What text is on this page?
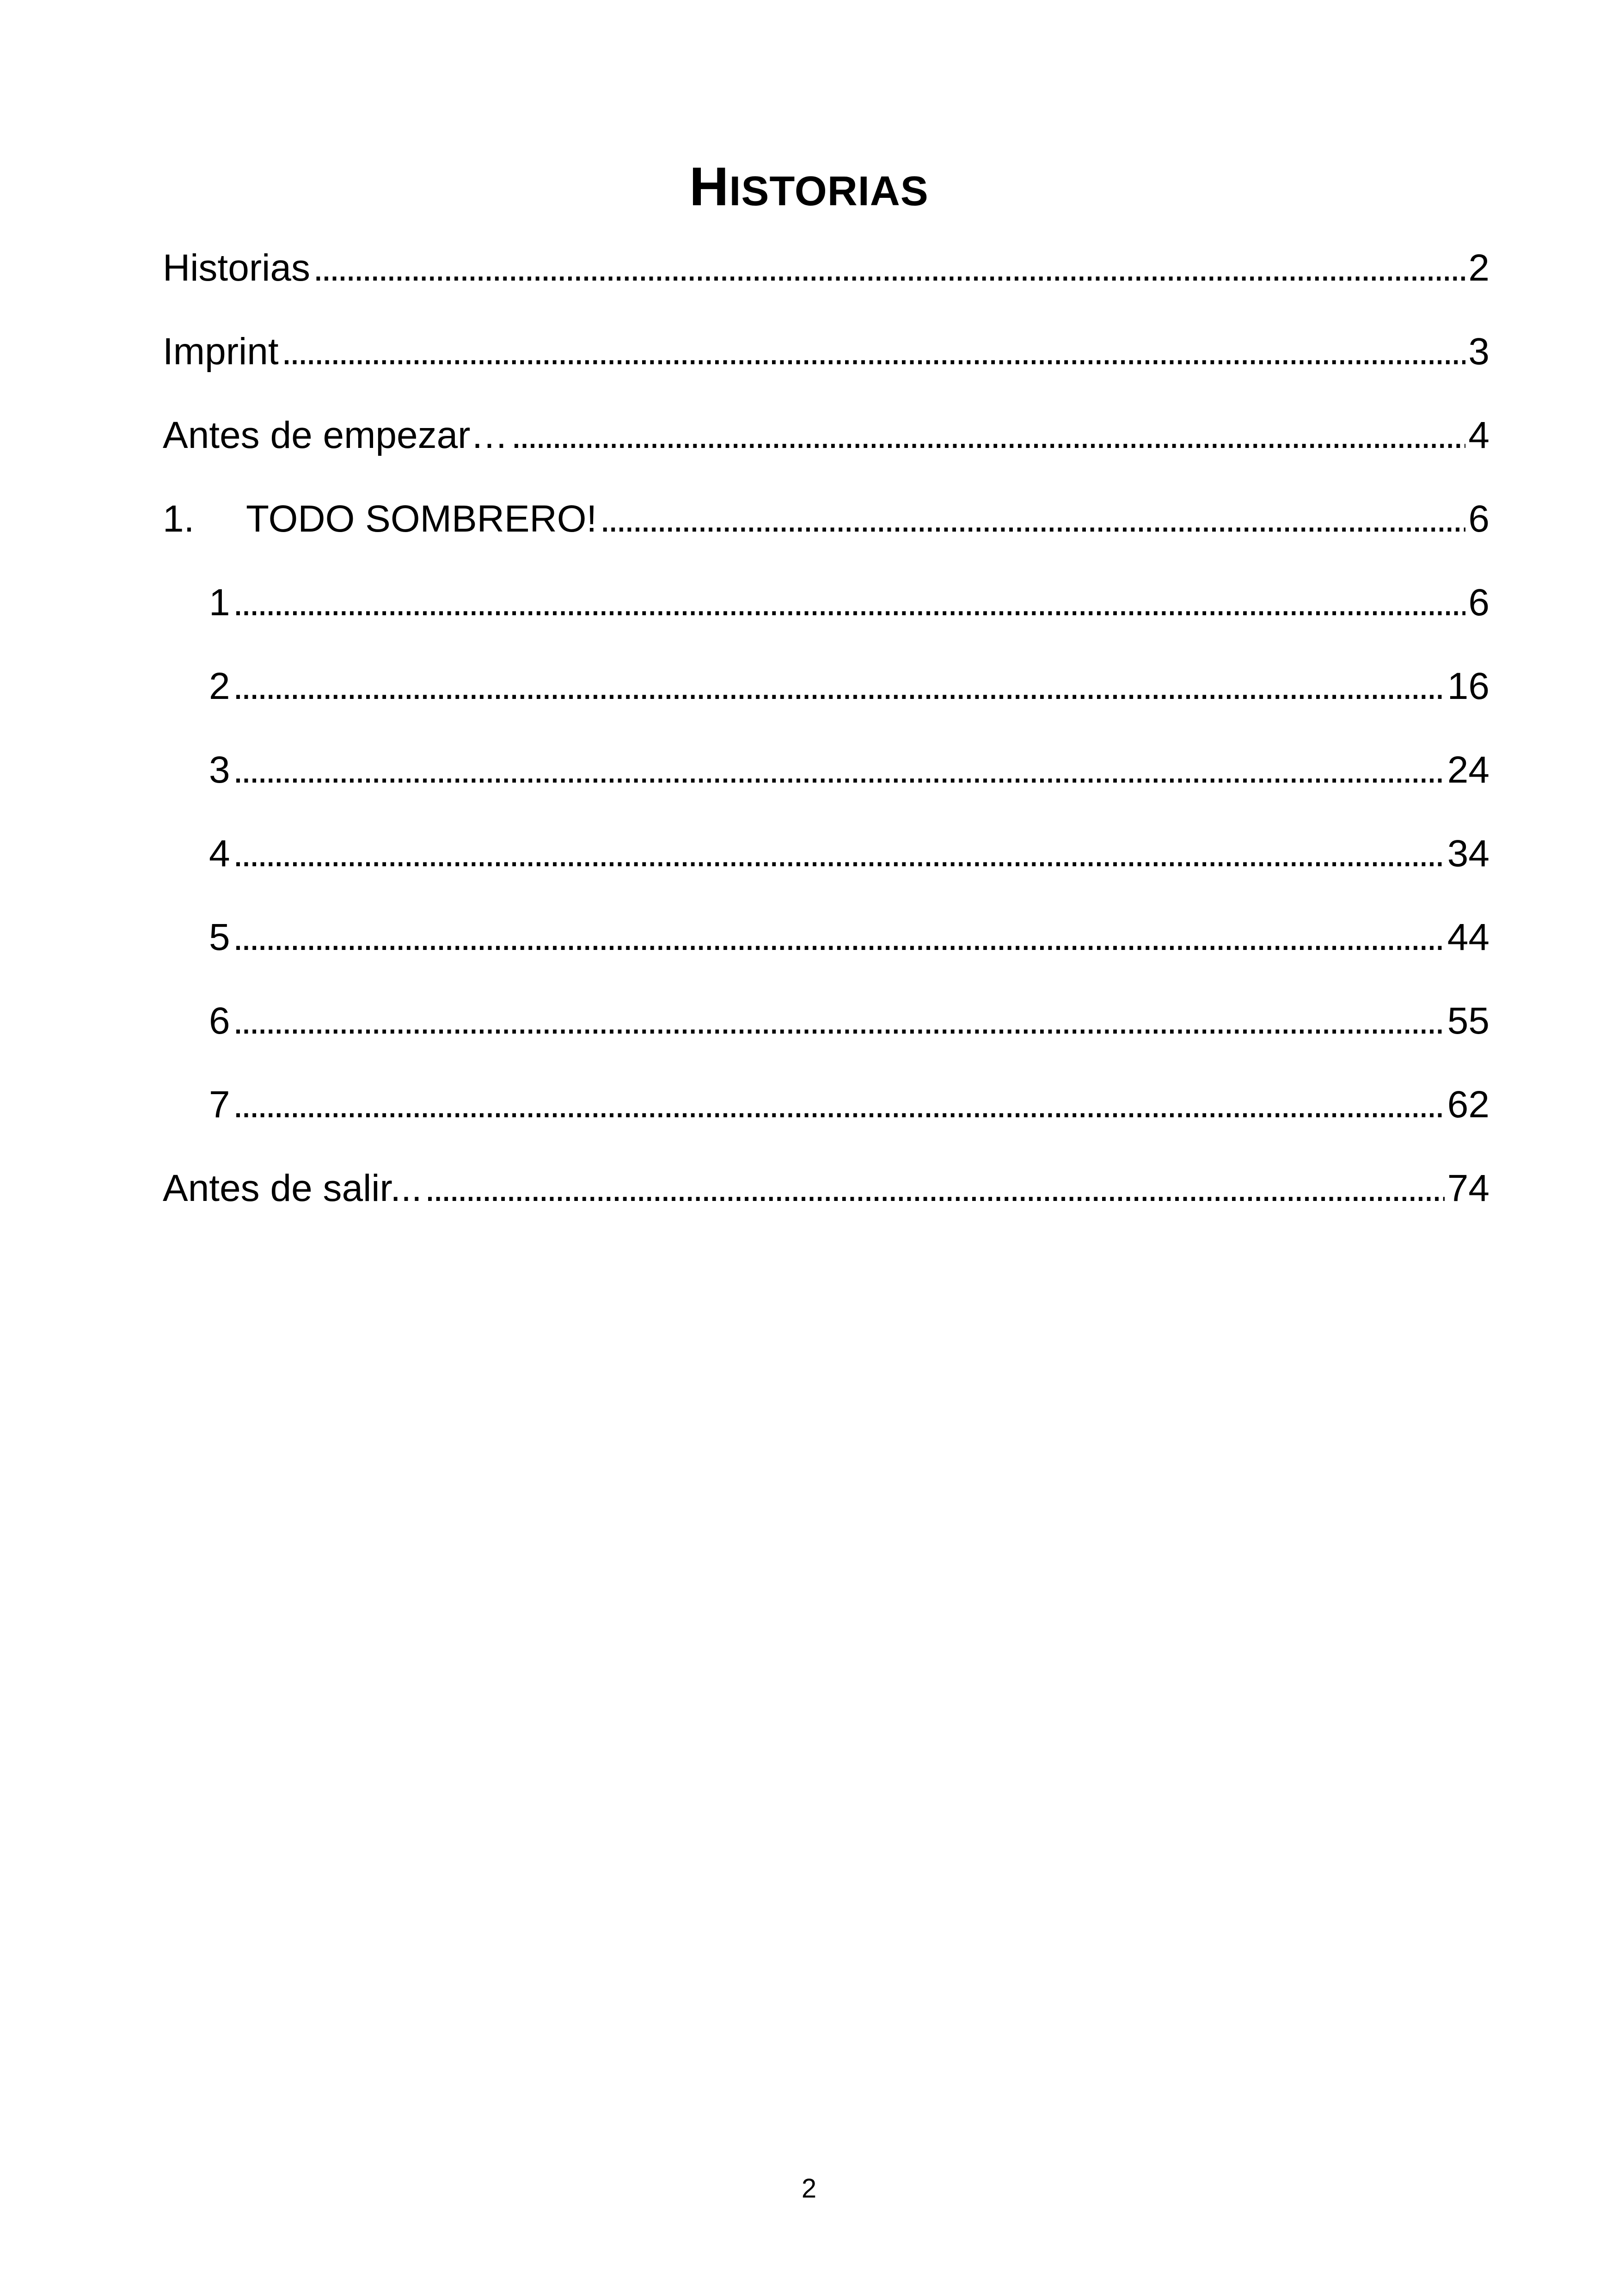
HISTORIAS
Historias . . .	2
Imprint . . .	3
Antes de empezar… . . .	4
1.	TODO SOMBRERO! . . .	6
1 . . .	6
2 . . .	16
3 . . .	24
4 . . .	34
5 . . .	44
6 . . .	55
7 . . .	62
Antes de salir... . . .	74
2
